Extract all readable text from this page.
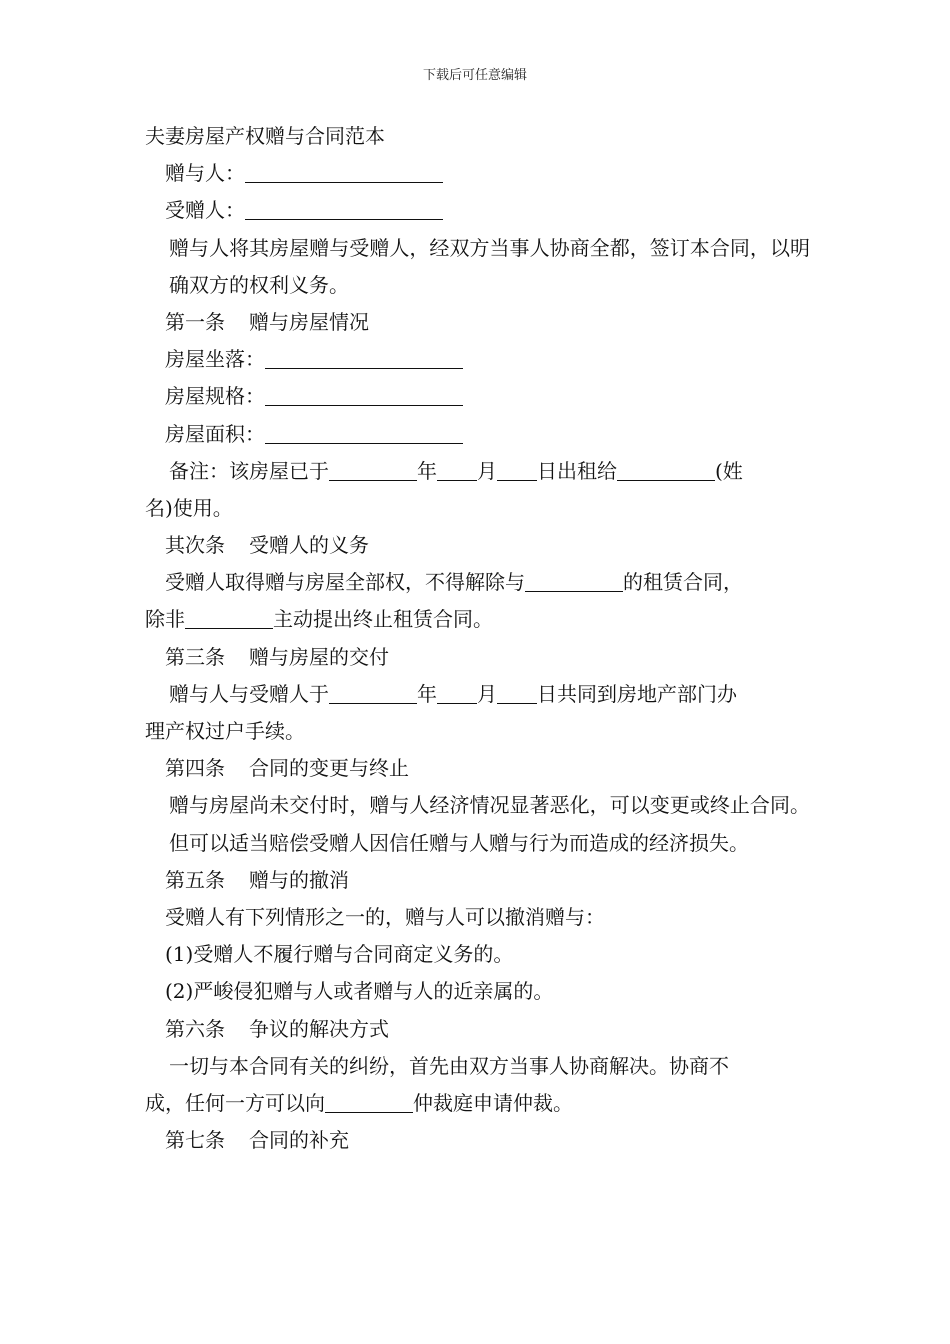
下载后可任意编辑
夫妻房屋产权赠与合同范本
赠与人：
受赠人：
赠与人将其房屋赠与受赠人，经双方当事人协商全都，签订本合同，以明确双方的权利义务。
第一条 赠与房屋情况
房屋坐落：
房屋规格：
房屋面积：
备注：该房屋已于	年 月 日出租给	(姓
名)使用。
其次条 受赠人的义务
受赠人取得赠与房屋全部权，不得解除与	的租赁合同，
除非	主动提出终止租赁合同。
第三条 赠与房屋的交付
赠与人与受赠人于	年 月 日共同到房地产部门办
理产权过户手续。
第四条 合同的变更与终止
赠与房屋尚未交付时，赠与人经济情况显著恶化，可以变更或终止合同。但可以适当赔偿受赠人因信任赠与人赠与行为而造成的经济损失。
第五条 赠与的撤消
受赠人有下列情形之一的，赠与人可以撤消赠与：
(1)受赠人不履行赠与合同商定义务的。
(2)严峻侵犯赠与人或者赠与人的近亲属的。
第六条 争议的解决方式
一切与本合同有关的纠纷，首先由双方当事人协商解决。协商不
成，任何一方可以向	仲裁庭申请仲裁。
第七条 合同的补充
